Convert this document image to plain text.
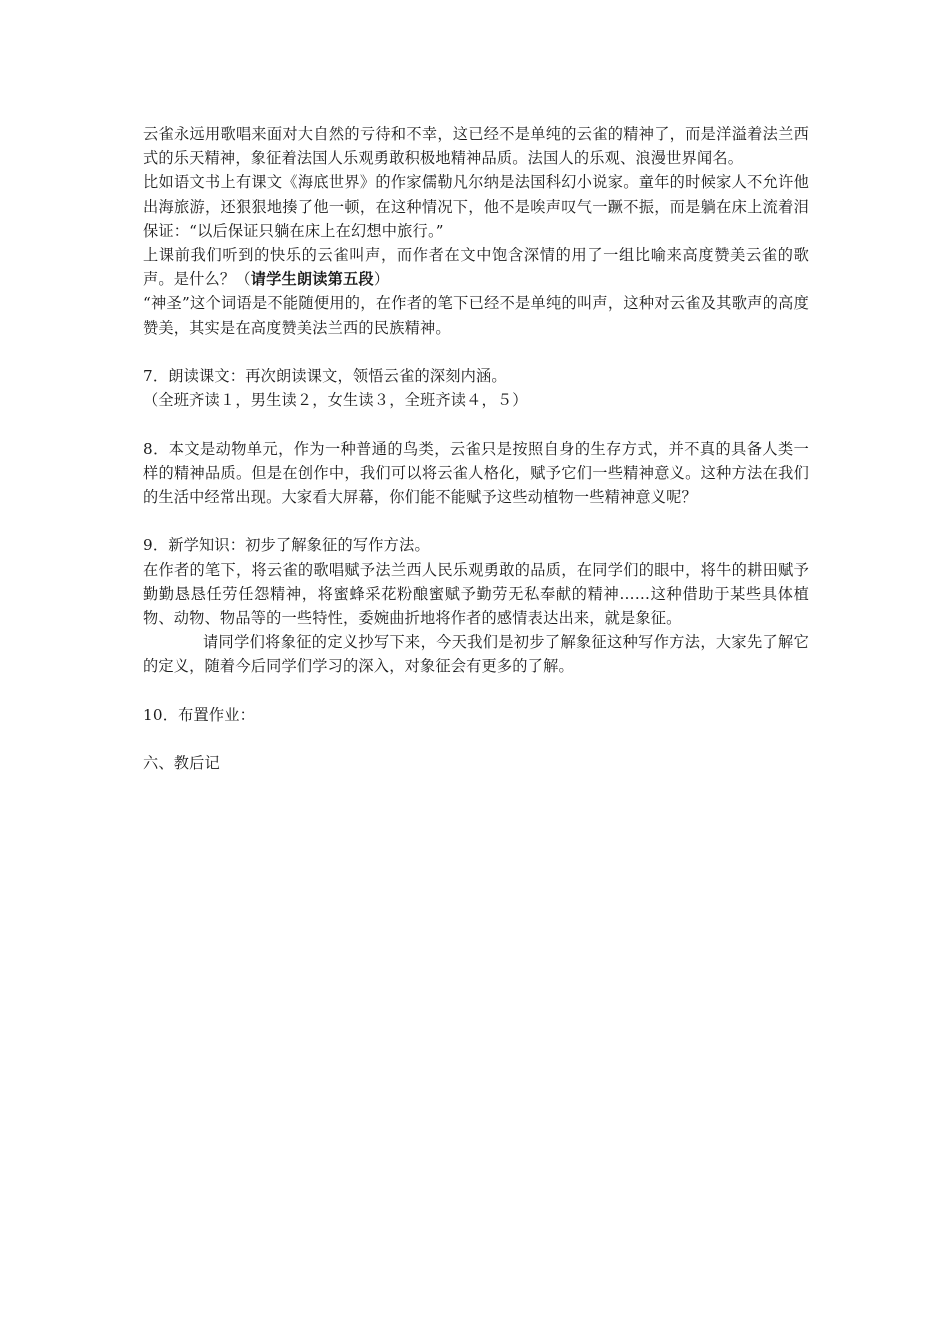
云雀永远用歌唱来面对大自然的亏待和不幸，这已经不是单纯的云雀的精神了，而是洋溢着法兰西式的乐天精神，象征着法国人乐观勇敢积极地精神品质。法国人的乐观、浪漫世界闻名。

比如语文书上有课文《海底世界》的作家儒勒凡尔纳是法国科幻小说家。童年的时候家人不允许他出海旅游，还狠狠地揍了他一顿，在这种情况下，他不是唉声叹气一蹶不振，而是躺在床上流着泪保证：“以后保证只躺在床上在幻想中旅行。”

上课前我们听到的快乐的云雀叫声，而作者在文中饱含深情的用了一组比喻来高度赞美云雀的歌声。是什么？（请学生朗读第五段）

“神圣”这个词语是不能随便用的，在作者的笔下已经不是单纯的叫声，这种对云雀及其歌声的高度赞美，其实是在高度赞美法兰西的民族精神。

7．朗读课文：再次朗读课文，领悟云雀的深刻内涵。

（全班齐读１，男生读２，女生读３，全班齐读４，５）

8．本文是动物单元，作为一种普通的鸟类，云雀只是按照自身的生存方式，并不真的具备人类一样的精神品质。但是在创作中，我们可以将云雀人格化，赋予它们一些精神意义。这种方法在我们的生活中经常出现。大家看大屏幕，你们能不能赋予这些动植物一些精神意义呢？

9．新学知识：初步了解象征的写作方法。

在作者的笔下，将云雀的歌唱赋予法兰西人民乐观勇敢的品质，在同学们的眼中，将牛的耕田赋予勤勤恳恳任劳任怨精神，将蜜蜂采花粉酿蜜赋予勤劳无私奉献的精神……这种借助于某些具体植物、动物、物品等的一些特性，委婉曲折地将作者的感情表达出来，就是象征。

请同学们将象征的定义抄写下来，今天我们是初步了解象征这种写作方法，大家先了解它的定义，随着今后同学们学习的深入，对象征会有更多的了解。

10．布置作业：

六、教后记
